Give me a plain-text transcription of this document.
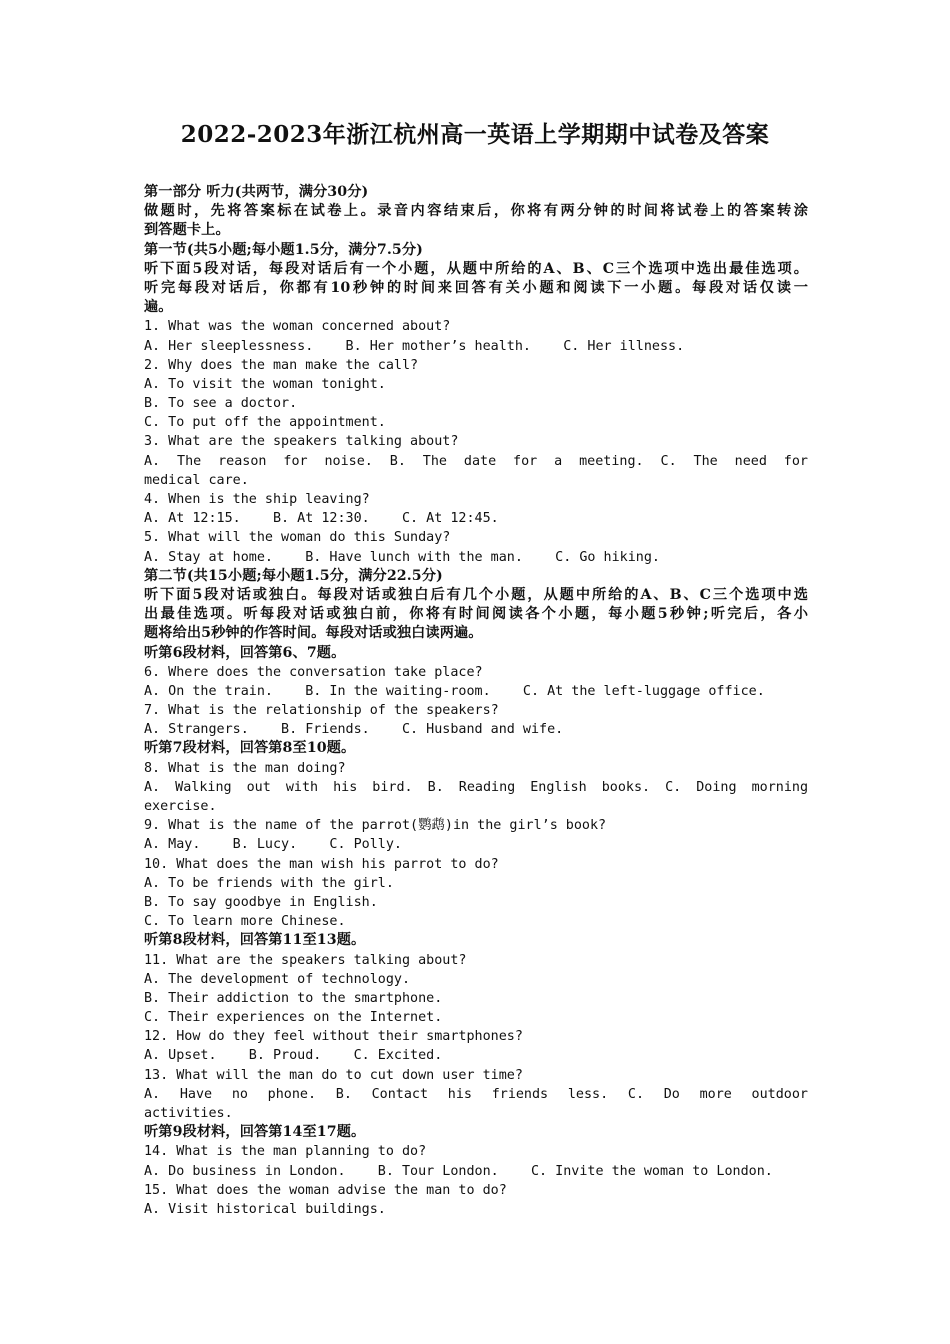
2022-2023年浙江杭州高一英语上学期期中试卷及答案
第一部分 听力(共两节，满分30分)
做题时，先将答案标在试卷上。录音内容结束后，你将有两分钟的时间将试卷上的答案转涂
到答题卡上。
第一节(共5小题;每小题1.5分，满分7.5分)
听下面5段对话，每段对话后有一个小题，从题中所给的A、B、C三个选项中选出最佳选项。
听完每段对话后，你都有10秒钟的时间来回答有关小题和阅读下一小题。每段对话仅读一
遍。
1. What was the woman concerned about?
A. Her sleeplessness.    B. Her mother’s health.    C. Her illness.
2. Why does the man make the call?
A. To visit the woman tonight.
B. To see a doctor.
C. To put off the appointment.
3. What are the speakers talking about?
A. The reason for noise. B. The date for a meeting. C. The need for
medical care.
4. When is the ship leaving?
A. At 12:15.    B. At 12:30.    C. At 12:45.
5. What will the woman do this Sunday?
A. Stay at home.    B. Have lunch with the man.    C. Go hiking.
第二节(共15小题;每小题1.5分，满分22.5分)
听下面5段对话或独白。每段对话或独白后有几个小题，从题中所给的A、B、C三个选项中选
出最佳选项。听每段对话或独白前，你将有时间阅读各个小题，每小题5秒钟;听完后，各小
题将给出5秒钟的作答时间。每段对话或独白读两遍。
听第6段材料，回答第6、7题。
6. Where does the conversation take place?
A. On the train.    B. In the waiting-room.    C. At the left-luggage office.
7. What is the relationship of the speakers?
A. Strangers.    B. Friends.    C. Husband and wife.
听第7段材料，回答第8至10题。
8. What is the man doing?
A. Walking out with his bird. B. Reading English books. C. Doing morning
exercise.
9. What is the name of the parrot(鹦鹉)in the girl’s book?
A. May.    B. Lucy.    C. Polly.
10. What does the man wish his parrot to do?
A. To be friends with the girl.
B. To say goodbye in English.
C. To learn more Chinese.
听第8段材料，回答第11至13题。
11. What are the speakers talking about?
A. The development of technology.
B. Their addiction to the smartphone.
C. Their experiences on the Internet.
12. How do they feel without their smartphones?
A. Upset.    B. Proud.    C. Excited.
13. What will the man do to cut down user time?
A. Have no phone. B. Contact his friends less. C. Do more outdoor
activities.
听第9段材料，回答第14至17题。
14. What is the man planning to do?
A. Do business in London.    B. Tour London.    C. Invite the woman to London.
15. What does the woman advise the man to do?
A. Visit historical buildings.
